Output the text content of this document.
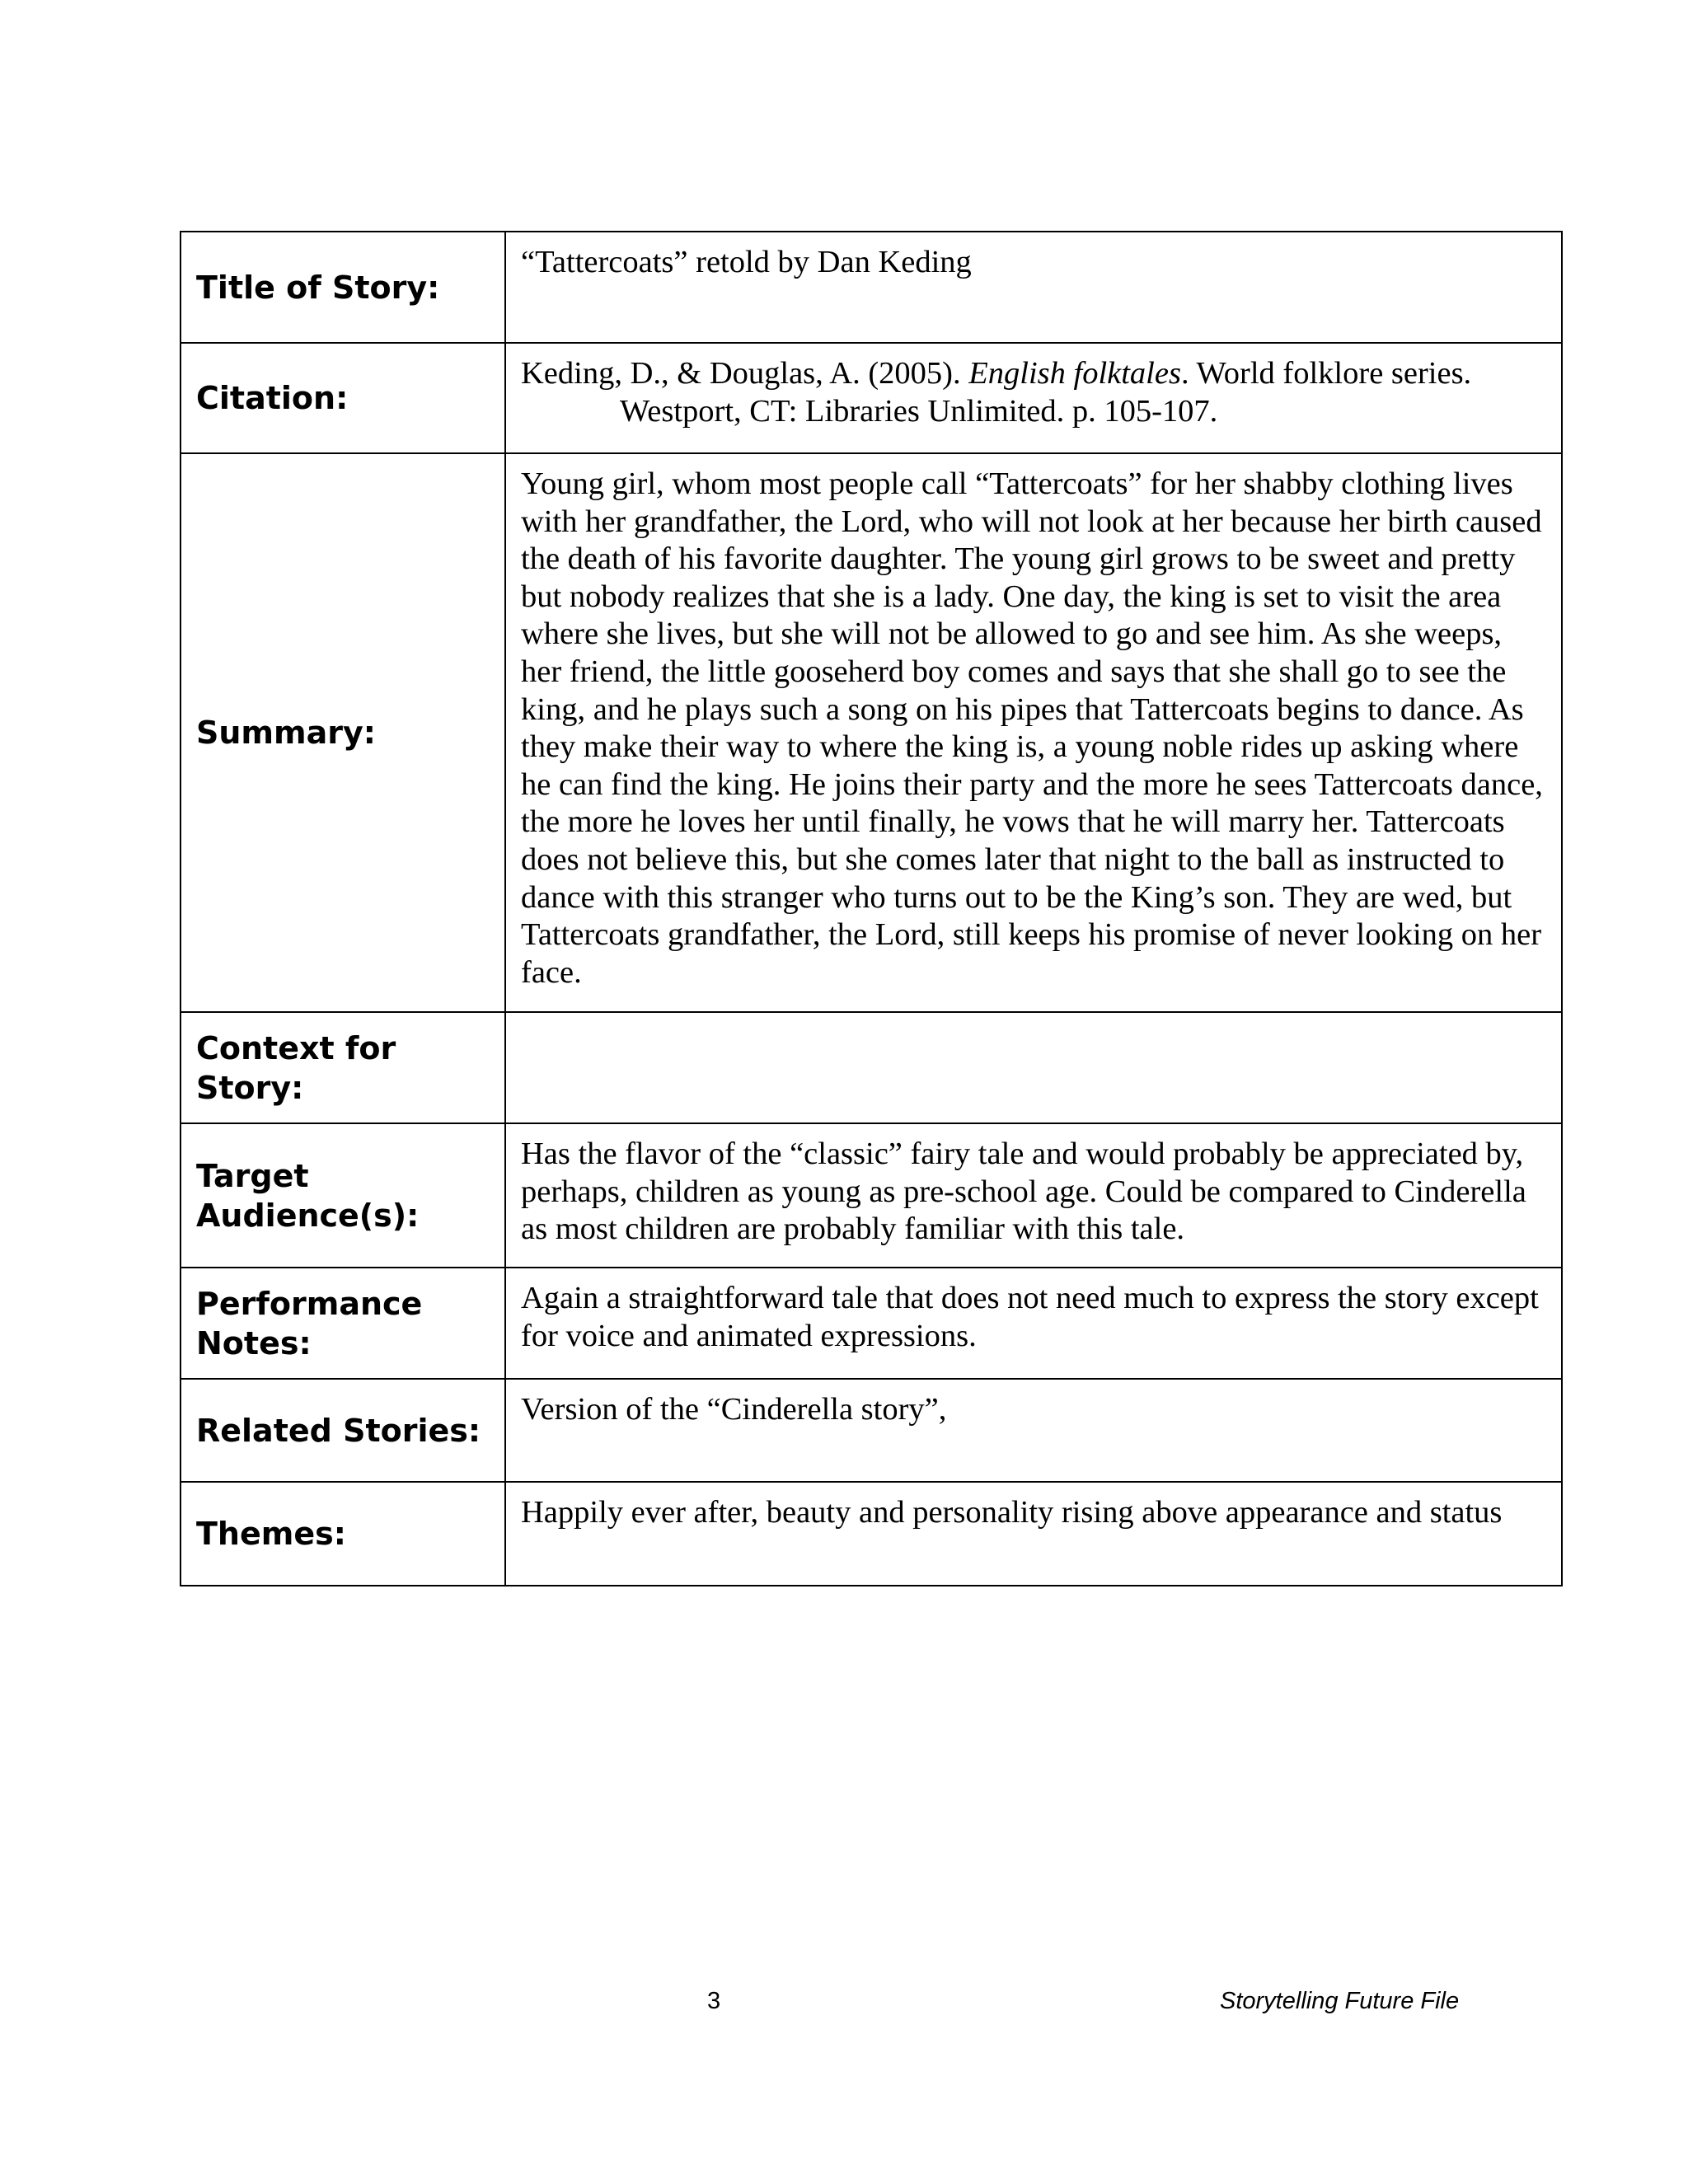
Title of Story:	“Tattercoats” retold by Dan Keding

Citation:	Keding, D., & Douglas, A. (2005). English folktales. World folklore series.
Westport, CT: Libraries Unlimited. p. 105-107.

Summary:	Young girl, whom most people call “Tattercoats” for her shabby clothing lives with her grandfather, the Lord, who will not look at her because her birth caused the death of his favorite daughter. The young girl grows to be sweet and pretty but nobody realizes that she is a lady. One day, the king is set to visit the area where she lives, but she will not be allowed to go and see him. As she weeps, her friend, the little gooseherd boy comes and says that she shall go to see the king, and he plays such a song on his pipes that Tattercoats begins to dance. As they make their way to where the king is, a young noble rides up asking where he can find the king. He joins their party and the more he sees Tattercoats dance, the more he loves her until finally, he vows that he will marry her. Tattercoats does not believe this, but she comes later that night to the ball as instructed to dance with this stranger who turns out to be the King’s son. They are wed, but Tattercoats grandfather, the Lord, still keeps his promise of never looking on her face.

Context for
Story:	

Target
Audience(s):	Has the flavor of the “classic” fairy tale and would probably be appreciated by, perhaps, children as young as pre-school age. Could be compared to Cinderella as most children are probably familiar with this tale.

Performance
Notes:	Again a straightforward tale that does not need much to express the story except for voice and animated expressions.

Related Stories:	Version of the “Cinderella story”,

Themes:	Happily ever after, beauty and personality rising above appearance and status
3	Storytelling Future File
